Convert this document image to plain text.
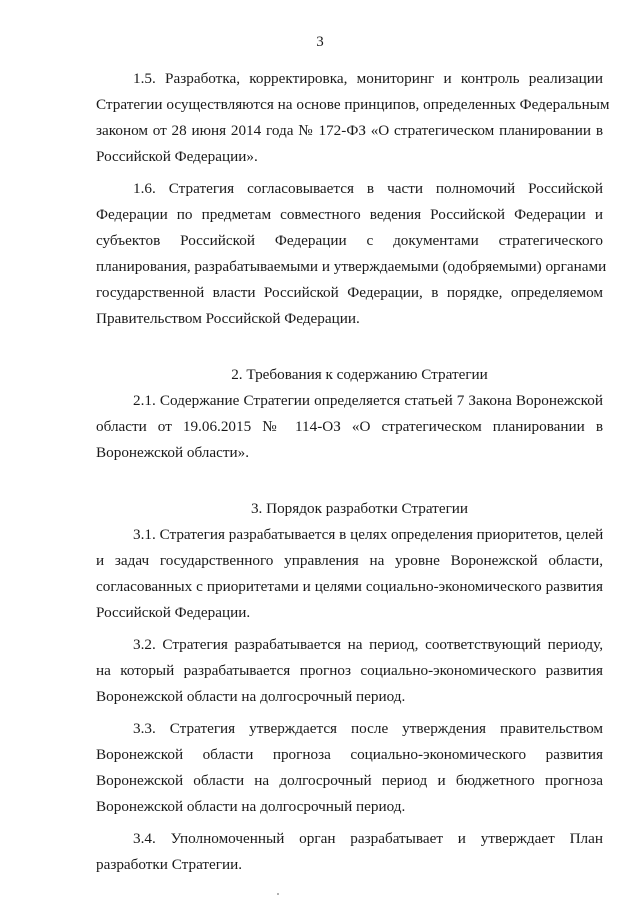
3
1.5. Разработка, корректировка, мониторинг и контроль реализации
Стратегии осуществляются на основе принципов, определенных Федеральным
законом от 28 июня 2014 года № 172-ФЗ «О стратегическом планировании в
Российской Федерации».
1.6. Стратегия согласовывается в части полномочий Российской
Федерации по предметам совместного ведения Российской Федерации и
субъектов Российской Федерации с документами стратегического
планирования, разрабатываемыми и утверждаемыми (одобряемыми) органами
государственной власти Российской Федерации, в порядке, определяемом
Правительством Российской Федерации.
2. Требования к содержанию Стратегии
2.1. Содержание Стратегии определяется статьей 7 Закона Воронежской
области от 19.06.2015 № 114-ОЗ «О стратегическом планировании в
Воронежской области».
3. Порядок разработки Стратегии
3.1. Стратегия разрабатывается в целях определения приоритетов, целей
и задач государственного управления на уровне Воронежской области,
согласованных с приоритетами и целями социально-экономического развития
Российской Федерации.
3.2. Стратегия разрабатывается на период, соответствующий периоду,
на который разрабатывается прогноз социально-экономического развития
Воронежской области на долгосрочный период.
3.3. Стратегия утверждается после утверждения правительством
Воронежской области прогноза социально-экономического развития
Воронежской области на долгосрочный период и бюджетного прогноза
Воронежской области на долгосрочный период.
3.4. Уполномоченный орган разрабатывает и утверждает План
разработки Стратегии.
